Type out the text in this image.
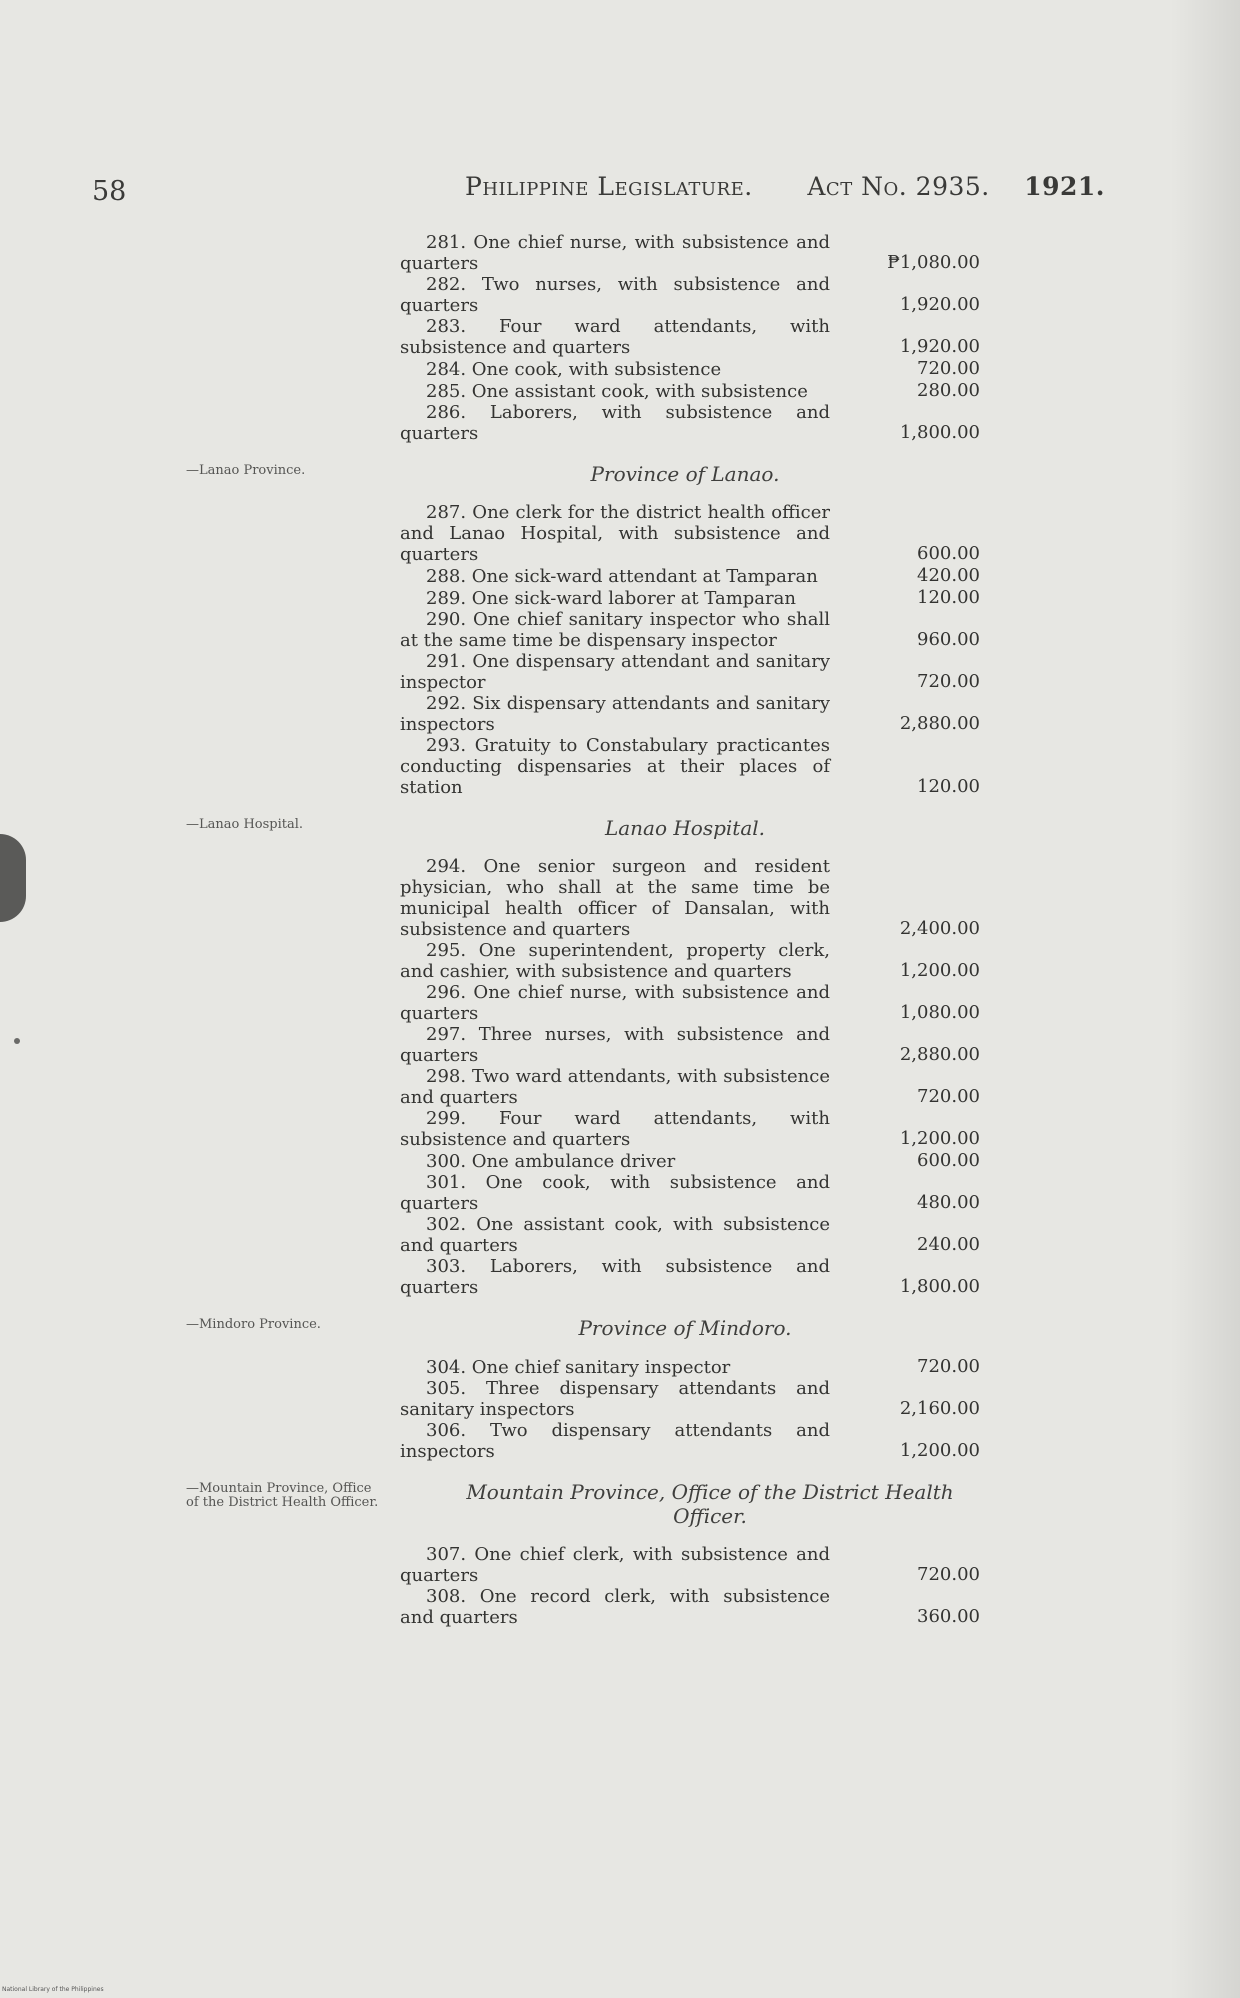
58	Philippine Legislature. Act No. 2935. 1921.
281. One chief nurse, with subsistence and quarters	₱1,080.00
282. Two nurses, with subsistence and quarters	1,920.00
283. Four ward attendants, with subsistence and quarters	1,920.00
284. One cook, with subsistence	720.00
285. One assistant cook, with subsistence	280.00
286. Laborers, with subsistence and quarters	1,800.00
—Lanao Province.	Province of Lanao.
287. One clerk for the district health officer and Lanao Hospital, with subsistence and quarters	600.00
288. One sick-ward attendant at Tamparan	420.00
289. One sick-ward laborer at Tamparan	120.00
290. One chief sanitary inspector who shall at the same time be dispensary inspector	960.00
291. One dispensary attendant and sanitary inspector	720.00
292. Six dispensary attendants and sanitary inspectors	2,880.00
293. Gratuity to Constabulary practicantes conducting dispensaries at their places of station	120.00
—Lanao Hospital.	Lanao Hospital.
294. One senior surgeon and resident physician, who shall at the same time be municipal health officer of Dansalan, with subsistence and quarters	2,400.00
295. One superintendent, property clerk, and cashier, with subsistence and quarters	1,200.00
296. One chief nurse, with subsistence and quarters	1,080.00
297. Three nurses, with subsistence and quarters	2,880.00
298. Two ward attendants, with subsistence and quarters	720.00
299. Four ward attendants, with subsistence and quarters	1,200.00
300. One ambulance driver	600.00
301. One cook, with subsistence and quarters	480.00
302. One assistant cook, with subsistence and quarters	240.00
303. Laborers, with subsistence and quarters	1,800.00
—Mindoro Province.	Province of Mindoro.
304. One chief sanitary inspector	720.00
305. Three dispensary attendants and sanitary inspectors	2,160.00
306. Two dispensary attendants and inspectors	1,200.00
—Mountain Province, Office of the District Health Officer.	Mountain Province, Office of the District Health Officer.
307. One chief clerk, with subsistence and quarters	720.00
308. One record clerk, with subsistence and quarters	360.00
National Library of the Philippines
